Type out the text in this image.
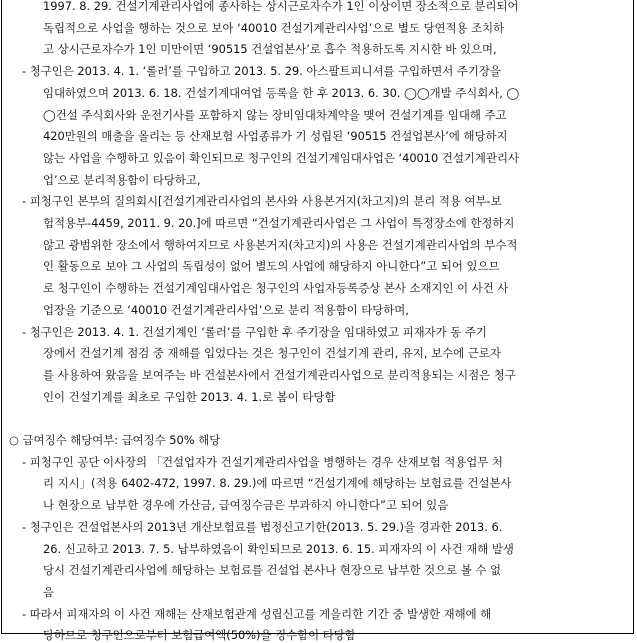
1997. 8. 29. 건설기계관리사업에 종사하는 상시근로자수가 1인 이상이면 장소적으로 분리되어
독립적으로 사업을 행하는 것으로 보아 ‘40010 건설기계관리사업’으로 별도 당연적용 조치하
고 상시근로자수가 1인 미만이면 ‘90515 건설업본사’로 흡수 적용하도록 지시한 바 있으며,
- 청구인은 2013. 4. 1. ‘롤러’를 구입하고 2013. 5. 29. 아스팔트피니셔를 구입하면서 주기장을
임대하였으며 2013. 6. 18. 건설기계대여업 등록을 한 후 2013. 6. 30. ◯◯개발 주식회사, ◯
◯건설 주식회사와 운전기사를 포함하지 않는 장비임대차계약을 맺어 건설기계를 임대해 주고
420만원의 매출을 올리는 등 산재보험 사업종류가 기 성립된 ‘90515 건설업본사’에 해당하지
않는 사업을 수행하고 있음이 확인되므로 청구인의 건설기계임대사업은 ‘40010 건설기계관리사
업’으로 분리적용함이 타당하고,
- 피청구인 본부의 질의회시[건설기계관리사업의 본사와 사용본거지(차고지)의 분리 적용 여부-보
험적용부-4459, 2011. 9. 20.]에 따르면 “건설기계관리사업은 그 사업이 특정장소에 한정하지
않고 광범위한 장소에서 행하여지므로 사용본거지(차고지)의 사용은 건설기계관리사업의 부수적
인 활동으로 보아 그 사업의 독립성이 없어 별도의 사업에 해당하지 아니한다”고 되어 있으므
로 청구인이 수행하는 건설기계임대사업은 청구인의 사업자등록증상 본사 소재지인 이 사건 사
업장을 기준으로 ‘40010 건설기계관리사업’으로 분리 적용함이 타당하며,
- 청구인은 2013. 4. 1. 건설기계인 ‘롤러’를 구입한 후 주기장을 임대하였고 피재자가 동 주기
장에서 건설기계 점검 중 재해를 입었다는 것은 청구인이 건설기계 관리, 유지, 보수에 근로자
를 사용하여 왔음을 보여주는 바 건설본사에서 건설기계관리사업으로 분리적용되는 시점은 청구
인이 건설기계를 최초로 구입한 2013. 4. 1.로 봄이 타당함
○ 급여징수 해당여부: 급여징수 50% 해당
- 피청구인 공단 이사장의 「건설업자가 건설기계관리사업을 병행하는 경우 산재보험 적용업무 처
리 지시」(적용 6402-472, 1997. 8. 29.)에 따르면 “건설기계에 해당하는 보험료를 건설본사
나 현장으로 납부한 경우에 가산금, 급여징수금은 부과하지 아니한다”고 되어 있음
- 청구인은 건설업본사의 2013년 개산보험료를 법정신고기한(2013. 5. 29.)을 경과한 2013. 6.
26. 신고하고 2013. 7. 5. 납부하였음이 확인되므로 2013. 6. 15. 피재자의 이 사건 재해 발생
당시 건설기계관리사업에 해당하는 보험료를 건설업 본사나 현장으로 납부한 것으로 볼 수 없
음
- 따라서 피재자의 이 사건 재해는 산재보험관계 성립신고를 게을리한 기간 중 발생한 재해에 해
당하므로 청구인으로부터 보험급여액(50%)을 징수함이 타당함
